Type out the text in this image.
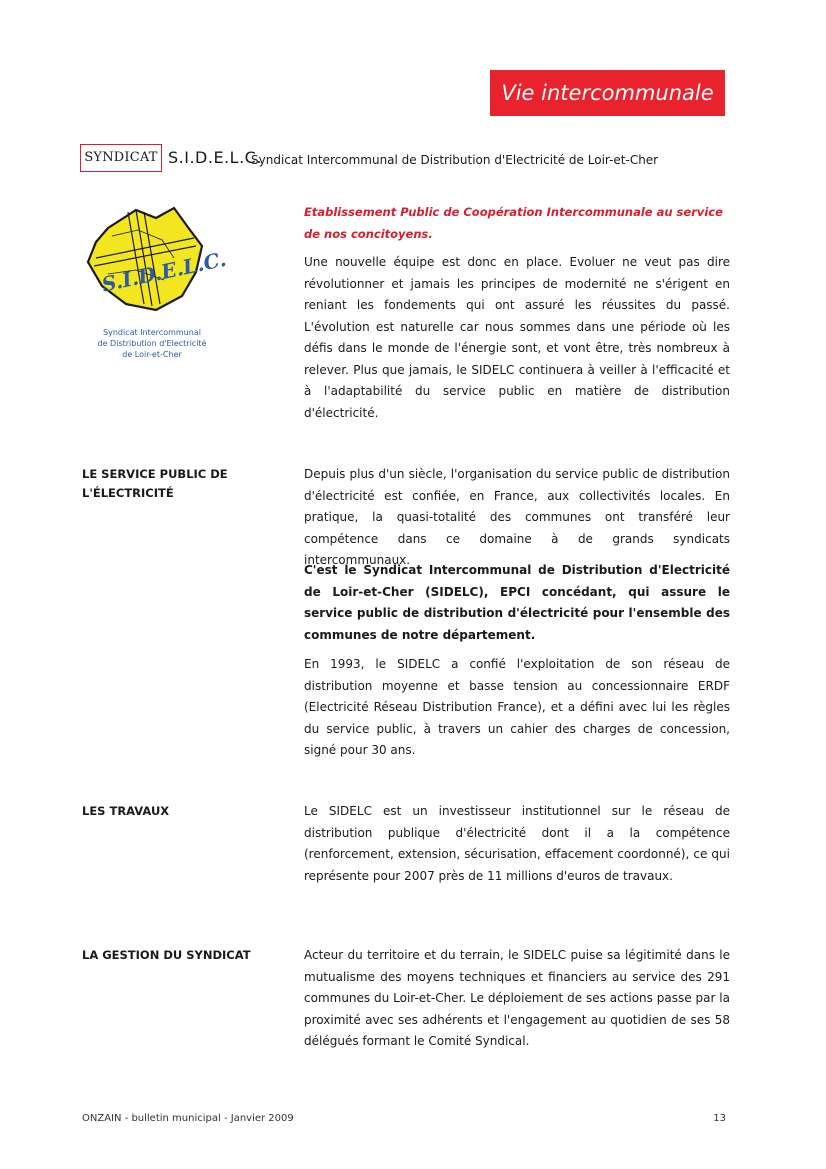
Vie intercommunale
SYNDICAT S.I.D.E.L.C.
Syndicat Intercommunal de Distribution d'Electricité de Loir-et-Cher
S.I.D.E.L.C.
Syndicat Intercommunal
de Distribution d'Electricité
de Loir-et-Cher
Etablissement Public de Coopération Intercommunale au service de nos concitoyens.

Une nouvelle équipe est donc en place. Evoluer ne veut pas dire révolutionner et jamais les principes de modernité ne s'érigent en reniant les fondements qui ont assuré les réussites du passé. L'évolution est naturelle car nous sommes dans une période où les défis dans le monde de l'énergie sont, et vont être, très nombreux à relever. Plus que jamais, le SIDELC continuera à veiller à l'efficacité et à l'adaptabilité du service public en matière de distribution d'électricité.

LE SERVICE PUBLIC DE
L'ÉLECTRICITÉ

Depuis plus d'un siècle, l'organisation du service public de distribution d'électricité est confiée, en France, aux collectivités locales. En pratique, la quasi-totalité des communes ont transféré leur compétence dans ce domaine à de grands syndicats intercommunaux.

C'est le Syndicat Intercommunal de Distribution d'Electricité de Loir-et-Cher (SIDELC), EPCI concédant, qui assure le service public de distribution d'électricité pour l'ensemble des communes de notre département.

En 1993, le SIDELC a confié l'exploitation de son réseau de distribution moyenne et basse tension au concessionnaire ERDF (Electricité Réseau Distribution France), et a défini avec lui les règles du service public, à travers un cahier des charges de concession, signé pour 30 ans.

LES TRAVAUX	Le SIDELC est un investisseur institutionnel sur le réseau de distribution publique d'électricité dont il a la compétence (renforcement, extension, sécurisation, effacement coordonné), ce qui représente pour 2007 près de 11 millions d'euros de travaux.

LA GESTION DU SYNDICAT	Acteur du territoire et du terrain, le SIDELC puise sa légitimité dans le mutualisme des moyens techniques et financiers au service des 291 communes du Loir-et-Cher. Le déploiement de ses actions passe par la proximité avec ses adhérents et l'engagement au quotidien de ses 58 délégués formant le Comité Syndical.

ONZAIN - bulletin municipal - Janvier 2009	13
